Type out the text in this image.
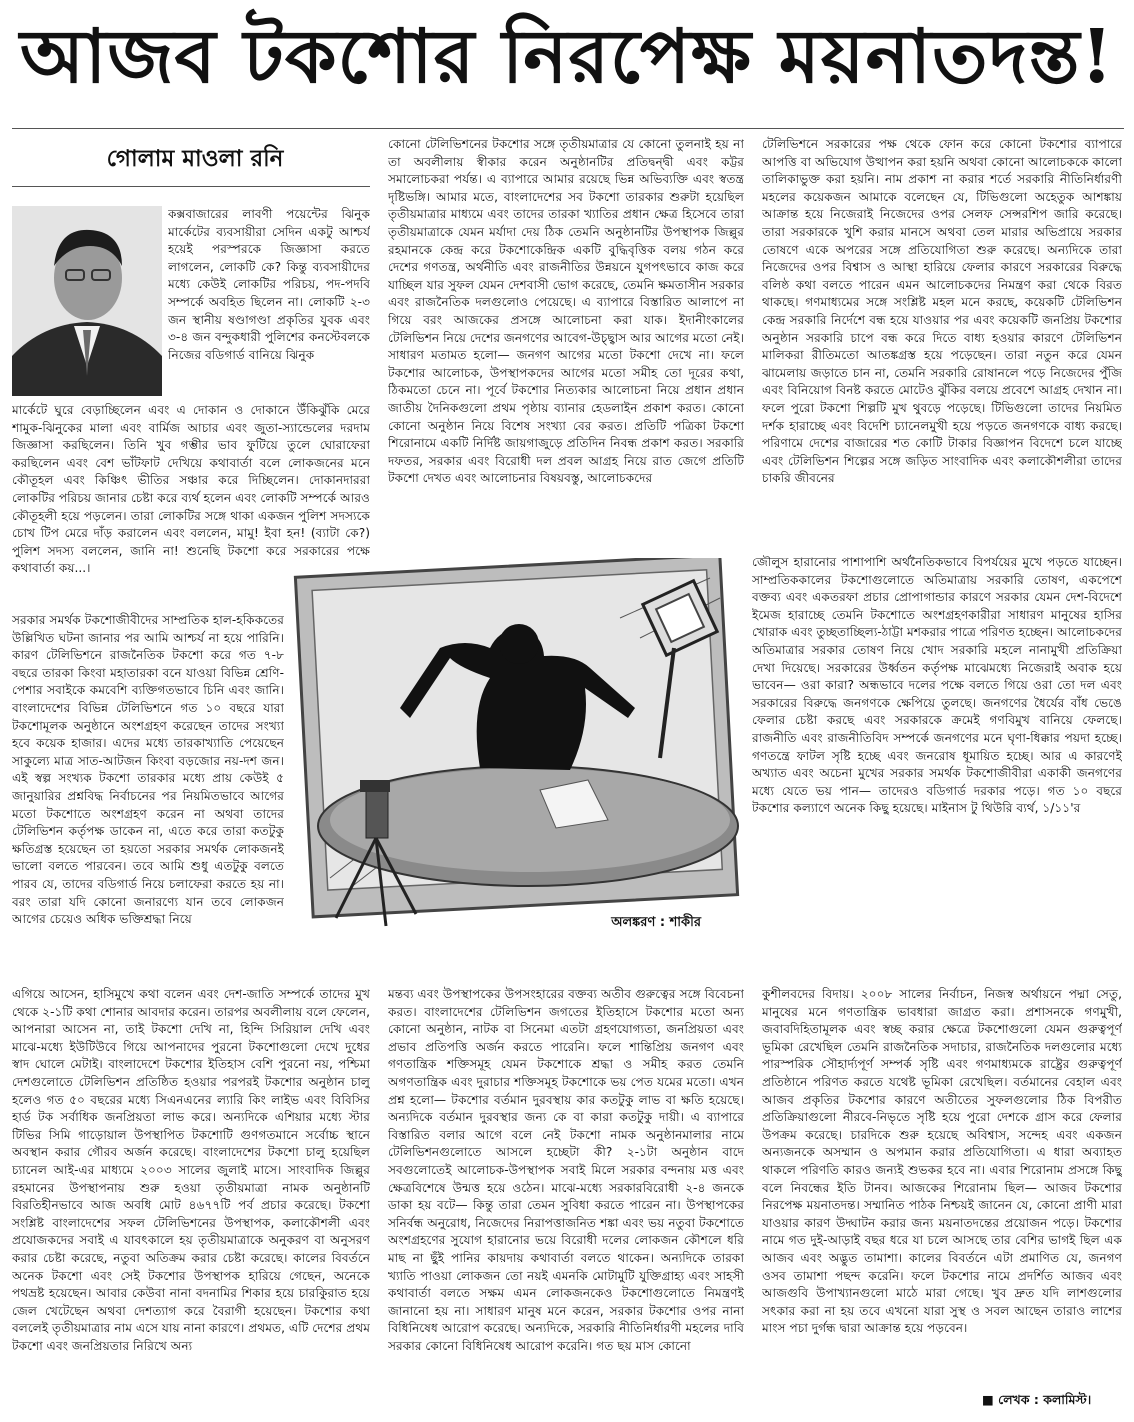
আজব টকশোর নিরপেক্ষ ময়নাতদন্ত!
গোলাম মাওলা রনি

কক্সবাজারের লাবণী পয়েন্টের ঝিনুক মার্কেটের ব্যবসায়ীরা সেদিন একটু আশ্চর্য হয়েই পরস্পরকে জিজ্ঞাসা করতে লাগলেন, লোকটি কে? কিন্তু ব্যবসায়ীদের মধ্যে কেউই লোকটির পরিচয়, পদ-পদবি সম্পর্কে অবহিত ছিলেন না। লোকটি ২-৩ জন স্থানীয় ষণ্ডাগণ্ডা প্রকৃতির যুবক এবং ৩-৪ জন বন্দুকধারী পুলিশের কনস্টেবলকে নিজের বডিগার্ড বানিয়ে ঝিনুক

মার্কেটে ঘুরে বেড়াচ্ছিলেন এবং এ দোকান ও দোকানে উঁকিঝুঁকি মেরে শামুক-ঝিনুকের মালা এবং বার্মিজ আচার এবং জুতা-স্যান্ডেলের দরদাম জিজ্ঞাসা করছিলেন। তিনি খুব গম্ভীর ভাব ফুটিয়ে তুলে ঘোরাফেরা করছিলেন এবং বেশ ভাঁটফাট দেখিয়ে কথাবার্তা বলে লোকজনের মনে কৌতূহল এবং কিঞ্চিৎ ভীতির সঞ্চার করে দিচ্ছিলেন। দোকানদাররা লোকটির পরিচয় জানার চেষ্টা করে ব্যর্থ হলেন এবং লোকটি সম্পর্কে আরও কৌতূহলী হয়ে পড়লেন। তারা লোকটির সঙ্গে থাকা একজন পুলিশ সদস্যকে চোখ টিপ মেরে দাঁড় করালেন এবং বললেন, মামু! ইবা হন! (ব্যাটা কে?) পুলিশ সদস্য বললেন, জানি না! শুনেছি টকশো করে সরকারের পক্ষে কথাবার্তা কয়...।

সরকার সমর্থক টকশোজীবীদের সাম্প্রতিক হাল-হকিকতের উল্লিখিত ঘটনা জানার পর আমি আশ্চর্য না হয়ে পারিনি। কারণ টেলিভিশনে রাজনৈতিক টকশো করে গত ৭-৮ বছরে তারকা কিংবা মহাতারকা বনে যাওয়া বিভিন্ন শ্রেণি-পেশার সবাইকে কমবেশি ব্যক্তিগতভাবে চিনি এবং জানি। বাংলাদেশের বিভিন্ন টেলিভিশনে গত ১০ বছরে যারা টকশোমূলক অনুষ্ঠানে অংশগ্রহণ করেছেন তাদের সংখ্যা হবে কয়েক হাজার। এদের মধ্যে তারকাখ্যাতি পেয়েছেন সাকুল্যে মাত্র সাত-আটজন কিংবা বড়জোর নয়-দশ জন। এই স্বল্প সংখ্যক টকশো তারকার মধ্যে প্রায় কেউই ৫ জানুয়ারির প্রশ্নবিদ্ধ নির্বাচনের পর নিয়মিতভাবে আগের মতো টকশোতে অংশগ্রহণ করেন না অথবা তাদের টেলিভিশন কর্তৃপক্ষ ডাকেন না, এতে করে তারা কতটুকু ক্ষতিগ্রস্ত হয়েছেন তা হয়তো সরকার সমর্থক লোকজনই ভালো বলতে পারবেন। তবে আমি শুধু এতটুকু বলতে পারব যে, তাদের বডিগার্ড নিয়ে চলাফেরা করতে হয় না। বরং তারা যদি কোনো জনারণ্যে যান তবে লোকজন আগের চেয়েও অধিক ভক্তিশ্রদ্ধা নিয়ে

এগিয়ে আসেন, হাসিমুখে কথা বলেন এবং দেশ-জাতি সম্পর্কে তাদের মুখ থেকে ২-১টি কথা শোনার আবদার করেন। তারপর অবলীলায় বলে ফেলেন, আপনারা আসেন না, তাই টকশো দেখি না, হিন্দি সিরিয়াল দেখি এবং মাঝে-মধ্যে ইউটিউবে গিয়ে আপনাদের পুরনো টকশোগুলো দেখে দুধের স্বাদ ঘোলে মেটাই। বাংলাদেশে টকশোর ইতিহাস বেশি পুরনো নয়, পশ্চিমা দেশগুলোতে টেলিভিশন প্রতিষ্ঠিত হওয়ার পরপরই টকশোর অনুষ্ঠান চালু হলেও গত ৫০ বছরের মধ্যে সিএনএনের ল্যারি কিং লাইভ এবং বিবিসির হার্ড টক সর্বাধিক জনপ্রিয়তা লাভ করে। অন্যদিকে এশিয়ার মধ্যে স্টার টিভির সিমি গাড়োয়াল উপস্থাপিত টকশোটি গুণগতমানে সর্বোচ্চ স্থানে অবস্থান করার গৌরব অর্জন করেছে। বাংলাদেশের টকশো চালু হয়েছিল চ্যানেল আই-এর মাধ্যমে ২০০৩ সালের জুলাই মাসে। সাংবাদিক জিল্লুর রহমানের উপস্থাপনায় শুরু হওয়া তৃতীয়মাত্রা নামক অনুষ্ঠানটি বিরতিহীনভাবে আজ অবধি মোট ৪৬৭৭টি পর্ব প্রচার করেছে। টকশো সংশ্লিষ্ট বাংলাদেশের সফল টেলিভিশনের উপস্থাপক, কলাকৌশলী এবং প্রযোজকদের সবাই এ যাবৎকালে হয় তৃতীয়মাত্রাকে অনুকরণ বা অনুসরণ করার চেষ্টা করেছে, নতুবা অতিক্রম করার চেষ্টা করেছে। কালের বিবর্তনে অনেক টকশো এবং সেই টকশোর উপস্থাপক হারিয়ে গেছেন, অনেকে পথভ্রষ্ট হয়েছেন। আবার কেউবা নানা বদনামির শিকার হয়ে চারকুিরাত হয়ে জেল খেটেছেন অথবা দেশত্যাগ করে বৈরাগী হয়েছেন। টকশোর কথা বললেই তৃতীয়মাত্রার নাম এসে যায় নানা কারণে। প্রথমত, এটি দেশের প্রথম টকশো এবং জনপ্রিয়তার নিরিখে অন্য

কোনো টেলিভিশনের টকশোর সঙ্গে তৃতীয়মাত্রার যে কোনো তুলনাই হয় না তা অবলীলায় স্বীকার করেন অনুষ্ঠানটির প্রতিদ্বন্দ্বী এবং কট্টর সমালোচকরা পর্যন্ত। এ ব্যাপারে আমার রয়েছে ভিন্ন অভিব্যক্তি এবং স্বতন্ত্র দৃষ্টিভঙ্গি। আমার মতে, বাংলাদেশের সব টকশো তারকার শুরুটা হয়েছিল তৃতীয়মাত্রার মাধ্যমে এবং তাদের তারকা খ্যাতির প্রধান ক্ষেত্র হিসেবে তারা তৃতীয়মাত্রাকে যেমন মর্যাদা দেয় ঠিক তেমনি অনুষ্ঠানটির উপস্থাপক জিল্লুর রহমানকে কেন্দ্র করে টকশোকেন্দ্রিক একটি বুদ্ধিবৃত্তিক বলয় গঠন করে দেশের গণতন্ত্র, অর্থনীতি এবং রাজনীতির উন্নয়নে যুগপৎভাবে কাজ করে যাচ্ছিল যার সুফল যেমন দেশবাসী ভোগ করেছে, তেমনি ক্ষমতাসীন সরকার এবং রাজনৈতিক দলগুলোও পেয়েছে। এ ব্যাপারে বিস্তারিত আলাপে না গিয়ে বরং আজকের প্রসঙ্গে আলোচনা করা যাক। ইদানীংকালের টেলিভিশন নিয়ে দেশের জনগণের আবেগ-উচ্ছ্বাস আর আগের মতো নেই। সাধারণ মতামত হলো— জনগণ আগের মতো টকশো দেখে না। ফলে টকশোর আলোচক, উপস্থাপকদের আগের মতো সমীহ তো দূরের কথা, ঠিকমতো চেনে না। পূর্বে টকশোর নিত্যকার আলোচনা নিয়ে প্রধান প্রধান জাতীয় দৈনিকগুলো প্রথম পৃষ্ঠায় ব্যানার হেডলাইন প্রকাশ করত। কোনো কোনো অনুষ্ঠান নিয়ে বিশেষ সংখ্যা বের করত। প্রতিটি পত্রিকা টকশো শিরোনামে একটি নির্দিষ্ট জায়গাজুড়ে প্রতিদিন নিবন্ধ প্রকাশ করত। সরকারি দফতর, সরকার এবং বিরোধী দল প্রবল আগ্রহ নিয়ে রাত জেগে প্রতিটি টকশো দেখত এবং আলোচনার বিষয়বস্তু, আলোচকদের

মন্তব্য এবং উপস্থাপকের উপসংহারের বক্তব্য অতীব গুরুত্বের সঙ্গে বিবেচনা করত। বাংলাদেশের টেলিভিশন জগতের ইতিহাসে টকশোর মতো অন্য কোনো অনুষ্ঠান, নাটক বা সিনেমা এতটা গ্রহণযোগ্যতা, জনপ্রিয়তা এবং প্রভাব প্রতিপত্তি অর্জন করতে পারেনি। ফলে শান্তিপ্রিয় জনগণ এবং গণতান্ত্রিক শক্তিসমূহ যেমন টকশোকে শ্রদ্ধা ও সমীহ করত তেমনি অগণতান্ত্রিক এবং দুরাচার শক্তিসমূহ টকশোকে ভয় পেত যমের মতো। এখন প্রশ্ন হলো— টকশোর বর্তমান দুরবস্থায় কার কতটুকু লাভ বা ক্ষতি হয়েছে। অন্যদিকে বর্তমান দুরবস্থার জন্য কে বা কারা কতটুকু দায়ী। এ ব্যাপারে বিস্তারিত বলার আগে বলে নেই টকশো নামক অনুষ্ঠানমালার নামে টেলিভিশনগুলোতে আসলে হচ্ছেটা কী? ২-১টা অনুষ্ঠান বাদে সবগুলোতেই আলোচক-উপস্থাপক সবাই মিলে সরকার বন্দনায় মত্ত এবং ক্ষেত্রবিশেষে উন্মত্ত হয়ে ওঠেন। মাঝে-মধ্যে সরকারবিরোধী ২-৪ জনকে ডাকা হয় বটে— কিন্তু তারা তেমন সুবিধা করতে পারেন না। উপস্থাপকের সনির্বন্ধ অনুরোধ, নিজেদের নিরাপত্তাজনিত শঙ্কা এবং ভয় নতুবা টকশোতে অংশগ্রহণের সুযোগ হারানোর ভয়ে বিরোধী দলের লোকজন কৌশলে ধরি মাছ না ছুঁই পানির কায়দায় কথাবার্তা বলতে থাকেন। অন্যদিকে তারকা খ্যাতি পাওয়া লোকজন তো নয়ই এমনকি মোটামুটি যুক্তিগ্রাহ্য এবং সাহসী কথাবার্তা বলতে সক্ষম এমন লোকজনকেও টকশোগুলোতে নিমন্ত্রণই জানানো হয় না। সাধারণ মানুষ মনে করেন, সরকার টকশোর ওপর নানা বিধিনিষেধ আরোপ করেছে। অন্যদিকে, সরকারি নীতিনির্ধারণী মহলের দাবি সরকার কোনো বিধিনিষেধ আরোপ করেনি। গত ছয় মাস কোনো

টেলিভিশনে সরকারের পক্ষ থেকে ফোন করে কোনো টকশোর ব্যাপারে আপত্তি বা অভিযোগ উত্থাপন করা হয়নি অথবা কোনো আলোচককে কালো তালিকাভুক্ত করা হয়নি। নাম প্রকাশ না করার শর্তে সরকারি নীতিনির্ধারণী মহলের কয়েকজন আমাকে বলেছেন যে, টিভিগুলো অহেতুক আশঙ্কায় আক্রান্ত হয়ে নিজেরাই নিজেদের ওপর সেলফ সেন্সরশিপ জারি করেছে। তারা সরকারকে খুশি করার মানসে অথবা তেল মারার অভিপ্রায়ে সরকার তোষণে একে অপরের সঙ্গে প্রতিযোগিতা শুরু করেছে। অন্যদিকে তারা নিজেদের ওপর বিশ্বাস ও আস্থা হারিয়ে ফেলার কারণে সরকারের বিরুদ্ধে বলিষ্ঠ কথা বলতে পারেন এমন আলোচকদের নিমন্ত্রণ করা থেকে বিরত থাকছে। গণমাধ্যমের সঙ্গে সংশ্লিষ্ট মহল মনে করছে, কয়েকটি টেলিভিশন কেন্দ্র সরকারি নির্দেশে বন্ধ হয়ে যাওয়ার পর এবং কয়েকটি জনপ্রিয় টকশোর অনুষ্ঠান সরকারি চাপে বন্ধ করে দিতে বাধ্য হওয়ার কারণে টেলিভিশন মালিকরা রীতিমতো আতঙ্কগ্রস্ত হয়ে পড়েছেন। তারা নতুন করে যেমন ঝামেলায় জড়াতে চান না, তেমনি সরকারি রোষানলে পড়ে নিজেদের পুঁজি এবং বিনিয়োগ বিনষ্ট করতে মোটেও ঝুঁকির বলয়ে প্রবেশে আগ্রহ দেখান না। ফলে পুরো টকশো শিল্পটি মুখ থুবড়ে পড়েছে। টিভিগুলো তাদের নিয়মিত দর্শক হারাচ্ছে এবং বিদেশি চ্যানেলমুখী হয়ে পড়তে জনগণকে বাধ্য করছে। পরিণামে দেশের বাজারের শত কোটি টাকার বিজ্ঞাপন বিদেশে চলে যাচ্ছে এবং টেলিভিশন শিল্পের সঙ্গে জড়িত সাংবাদিক এবং কলাকৌশলীরা তাদের চাকরি জীবনের

জৌলুস হারানোর পাশাপাশি অর্থনৈতিকভাবে বিপর্যয়ের মুখে পড়তে যাচ্ছেন। সাম্প্রতিককালের টকশোগুলোতে অতিমাত্রায় সরকারি তোষণ, একপেশে বক্তব্য এবং একতরফা প্রচার প্রোপাগান্ডার কারণে সরকার যেমন দেশ-বিদেশে ইমেজ হারাচ্ছে তেমনি টকশোতে অংশগ্রহণকারীরা সাধারণ মানুষের হাসির খোরাক এবং তুচ্ছতাচ্ছিল্য-ঠাট্টা মশকরার পাত্রে পরিণত হচ্ছেন। আলোচকদের অতিমাত্রার সরকার তোষণ নিয়ে খোদ সরকারি মহলে নানামুখী প্রতিক্রিয়া দেখা দিয়েছে। সরকারের উর্ধ্বতন কর্তৃপক্ষ মাঝেমধ্যে নিজেরাই অবাক হয়ে ভাবেন— ওরা কারা? অন্ধভাবে দলের পক্ষে বলতে গিয়ে ওরা তো দল এবং সরকারের বিরুদ্ধে জনগণকে ক্ষেপিয়ে তুলছে। জনগণের ধৈর্যের বাঁধ ভেঙে ফেলার চেষ্টা করছে এবং সরকারকে ক্রমেই গণবিমুখ বানিয়ে ফেলছে। রাজনীতি এবং রাজনীতিবিদ সম্পর্কে জনগণের মনে ঘৃণা-ধিক্কার পয়দা হচ্ছে। গণতন্ত্রে ফাটল সৃষ্টি হচ্ছে এবং জনরোষ ধূমায়িত হচ্ছে। আর এ কারণেই অখ্যাত এবং অচেনা মুখের সরকার সমর্থক টকশোজীবীরা একাকী জনগণের মধ্যে যেতে ভয় পান— তাদেরও বডিগার্ড দরকার পড়ে। গত ১০ বছরে টকশোর কল্যাণে অনেক কিছু হয়েছে। মাইনাস টু থিউরি ব্যর্থ, ১/১১'র

কুশীলবদের বিদায়। ২০০৮ সালের নির্বাচন, নিজস্ব অর্থায়নে পদ্মা সেতু, মানুষের মনে গণতান্ত্রিক ভাবধারা জাগ্রত করা। প্রশাসনকে গণমুখী, জবাবদিহিতামূলক এবং স্বচ্ছ করার ক্ষেত্রে টকশোগুলো যেমন গুরুত্বপূর্ণ ভূমিকা রেখেছিল তেমনি রাজনৈতিক সদাচার, রাজনৈতিক দলগুলোর মধ্যে পারস্পরিক সৌহার্দ্যপূর্ণ সম্পর্ক সৃষ্টি এবং গণমাধ্যমকে রাষ্ট্রের গুরুত্বপূর্ণ প্রতিষ্ঠানে পরিণত করতে যথেষ্ট ভূমিকা রেখেছিল। বর্তমানের বেহাল এবং আজব প্রকৃতির টকশোর কারণে অতীতের সুফলগুলোর ঠিক বিপরীত প্রতিক্রিয়াগুলো নীরবে-নিভৃতে সৃষ্টি হয়ে পুরো দেশকে গ্রাস করে ফেলার উপক্রম করেছে। চারদিকে শুরু হয়েছে অবিশ্বাস, সন্দেহ এবং একজন অন্যজনকে অসম্মান ও অপমান করার প্রতিযোগিতা। এ ধারা অব্যাহত থাকলে পরিণতি কারও জন্যই শুভকর হবে না। এবার শিরোনাম প্রসঙ্গে কিছু বলে নিবন্ধের ইতি টানব। আজকের শিরোনাম ছিল— আজব টকশোর নিরপেক্ষ ময়নাতদন্ত। সম্মানিত পাঠক নিশ্চয়ই জানেন যে, কোনো প্রাণী মারা যাওয়ার কারণ উদ্ঘাটন করার জন্য ময়নাতদন্তের প্রয়োজন পড়ে। টকশোর নামে গত দুই-আড়াই বছর ধরে যা চলে আসছে তার বেশির ভাগই ছিল এক আজব এবং অদ্ভুত তামাশা। কালের বিবর্তনে এটা প্রমাণিত যে, জনগণ ওসব তামাশা পছন্দ করেনি। ফলে টকশোর নামে প্রদর্শিত আজব এবং আজগুবি উপাখ্যানগুলো মাঠে মারা গেছে। খুব দ্রুত যদি লাশগুলোর সৎকার করা না হয় তবে এখনো যারা সুস্থ ও সবল আছেন তারাও লাশের মাংস পচা দুর্গন্ধ দ্বারা আক্রান্ত হয়ে পড়বেন।

অলঙ্করণ : শাকীর
■ লেখক : কলামিস্ট।
